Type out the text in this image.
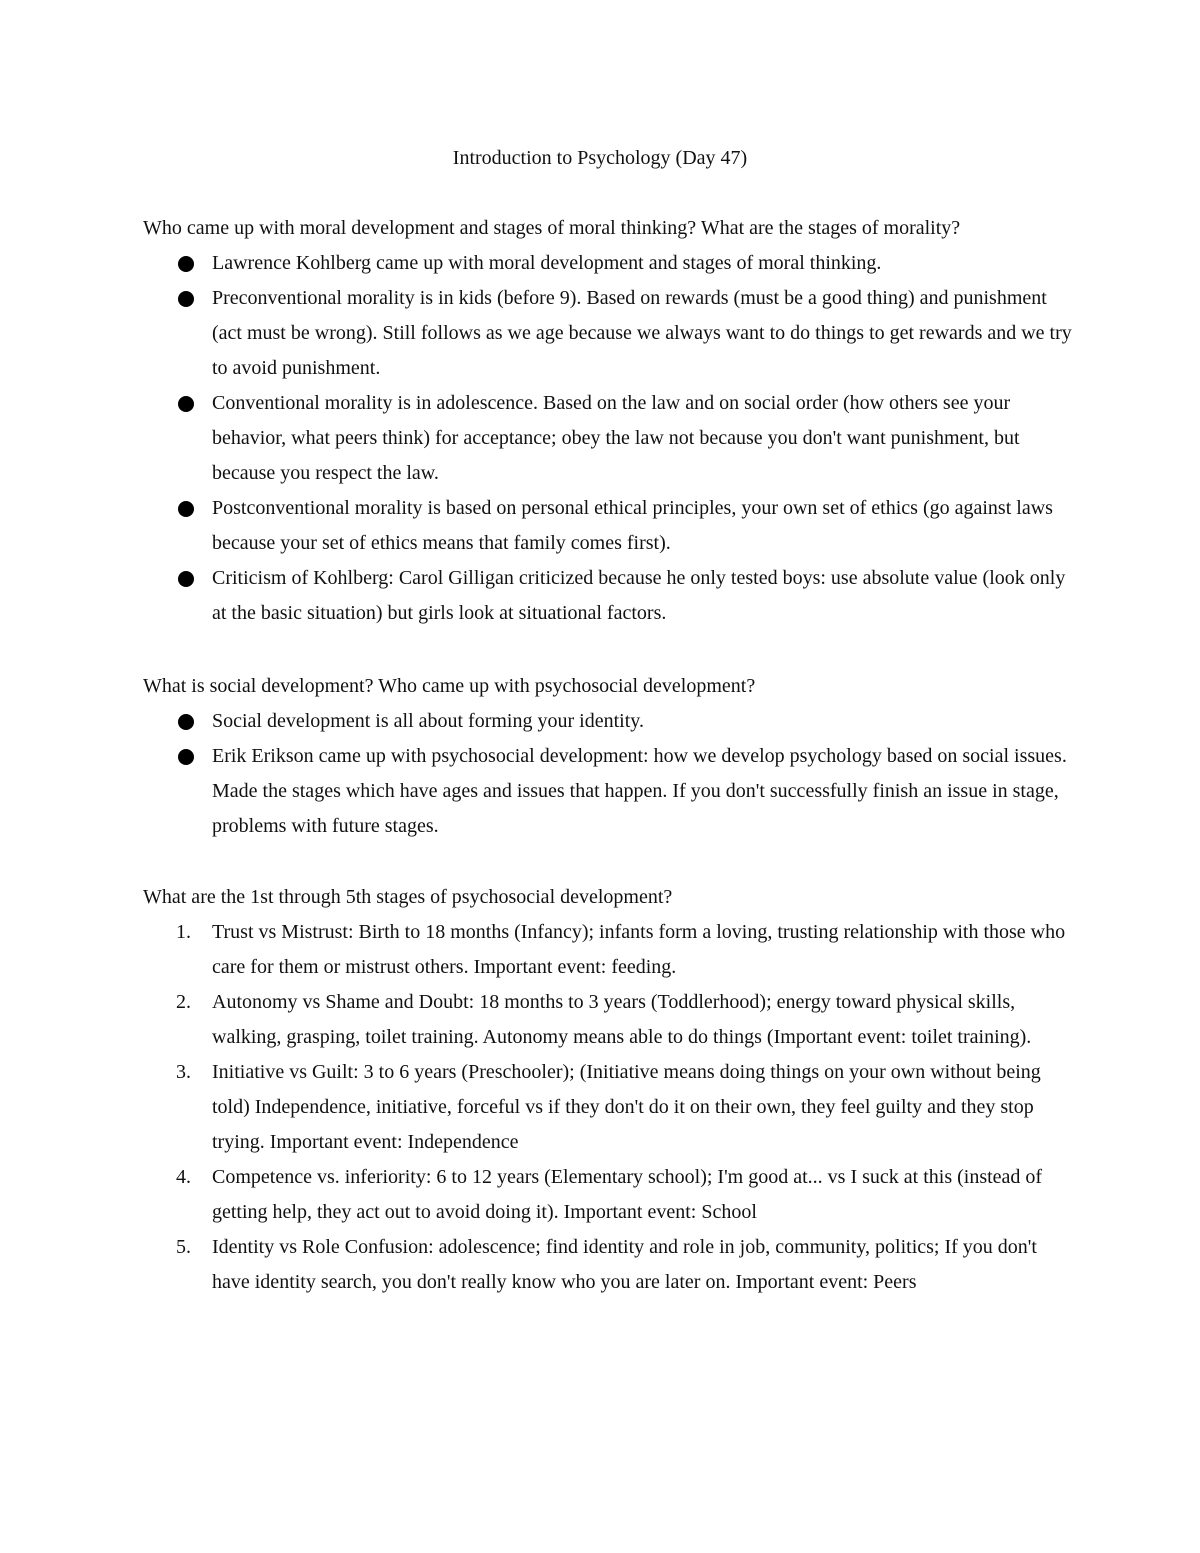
Introduction to Psychology (Day 47)

Who came up with moral development and stages of moral thinking? What are the stages of morality?

Lawrence Kohlberg came up with moral development and stages of moral thinking.
Preconventional morality is in kids (before 9). Based on rewards (must be a good thing) and punishment (act must be wrong). Still follows as we age because we always want to do things to get rewards and we try to avoid punishment.
Conventional morality is in adolescence. Based on the law and on social order (how others see your behavior, what peers think) for acceptance; obey the law not because you don't want punishment, but because you respect the law.
Postconventional morality is based on personal ethical principles, your own set of ethics (go against laws because your set of ethics means that family comes first).
Criticism of Kohlberg: Carol Gilligan criticized because he only tested boys: use absolute value (look only at the basic situation) but girls look at situational factors.

What is social development? Who came up with psychosocial development?

Social development is all about forming your identity.
Erik Erikson came up with psychosocial development: how we develop psychology based on social issues. Made the stages which have ages and issues that happen. If you don't successfully finish an issue in stage, problems with future stages.

What are the 1st through 5th stages of psychosocial development?

1.	Trust vs Mistrust: Birth to 18 months (Infancy); infants form a loving, trusting relationship with those who care for them or mistrust others. Important event: feeding.
2.	Autonomy vs Shame and Doubt: 18 months to 3 years (Toddlerhood); energy toward physical skills, walking, grasping, toilet training. Autonomy means able to do things (Important event: toilet training).
3.	Initiative vs Guilt: 3 to 6 years (Preschooler); (Initiative means doing things on your own without being told) Independence, initiative, forceful vs if they don't do it on their own, they feel guilty and they stop trying. Important event: Independence
4.	Competence vs. inferiority: 6 to 12 years (Elementary school); I'm good at... vs I suck at this (instead of getting help, they act out to avoid doing it). Important event: School
5.	Identity vs Role Confusion: adolescence; find identity and role in job, community, politics; If you don't have identity search, you don't really know who you are later on. Important event: Peers
